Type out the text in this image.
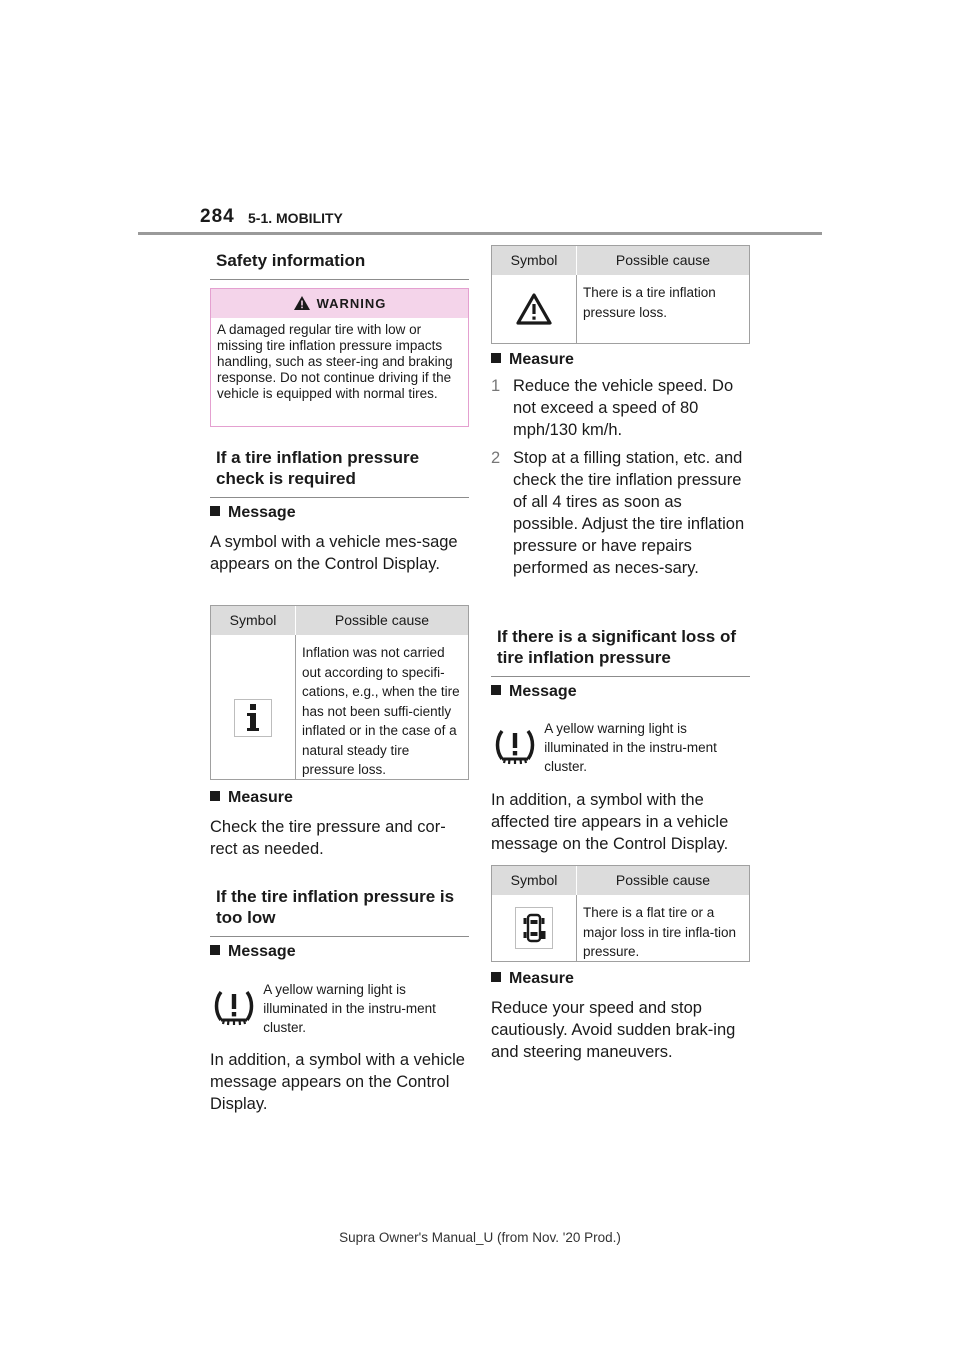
284 5-1. MOBILITY
Safety information
WARNING
A damaged regular tire with low or missing tire inflation pressure impacts handling, such as steer-ing and braking response. Do not continue driving if the vehicle is equipped with normal tires.
If a tire inflation pressure check is required
Message
A symbol with a vehicle mes-sage appears on the Control Display.
Symbol	Possible cause
Inflation was not carried out according to specifi-cations, e.g., when the tire has not been suffi-ciently inflated or in the case of a natural steady tire pressure loss.
Measure
Check the tire pressure and cor-rect as needed.
If the tire inflation pressure is too low
Message
A yellow warning light is illuminated in the instru-ment cluster.
In addition, a symbol with a vehicle message appears on the Control Display.
Symbol	Possible cause
There is a tire inflation pressure loss.
Measure
1 Reduce the vehicle speed. Do not exceed a speed of 80 mph/130 km/h.
2 Stop at a filling station, etc. and check the tire inflation pressure of all 4 tires as soon as possible. Adjust the tire inflation pressure or have repairs performed as neces-sary.
If there is a significant loss of tire inflation pressure
Message
A yellow warning light is illuminated in the instru-ment cluster.
In addition, a symbol with the affected tire appears in a vehicle message on the Control Display.
Symbol	Possible cause
There is a flat tire or a major loss in tire infla-tion pressure.
Measure
Reduce your speed and stop cautiously. Avoid sudden brak-ing and steering maneuvers.
Supra Owner's Manual_U (from Nov. '20 Prod.)
